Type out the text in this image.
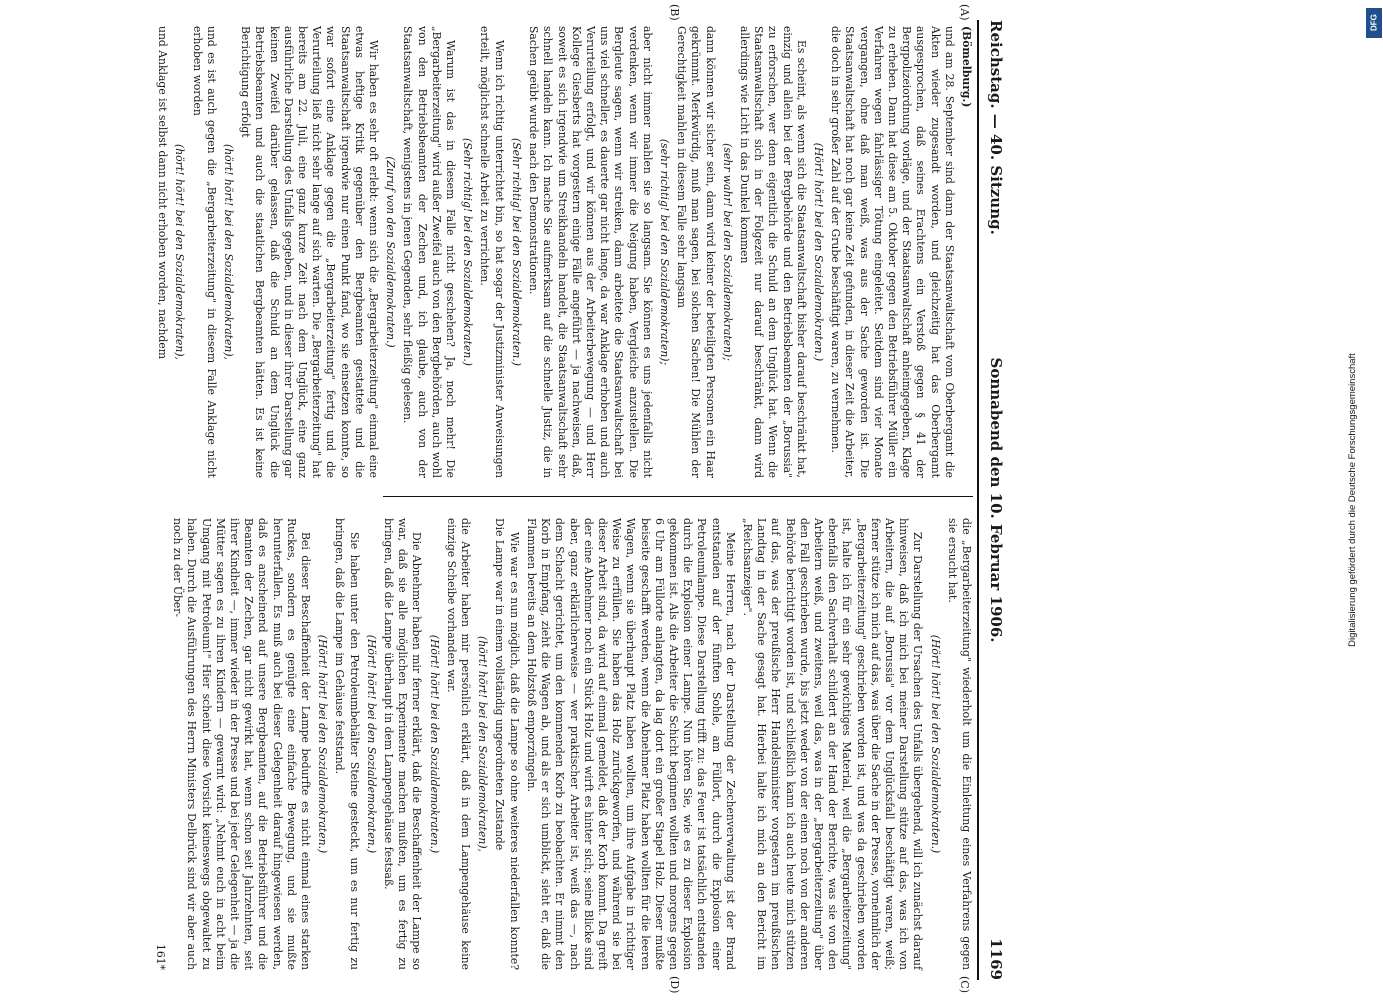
Reichstag. — 40. Sitzung.
Sonnabend den 10. Februar 1906.
1169
(A)
(B)
(C)
(D)

(Bömelburg.)

und am 28. September sind dann der Staatsanwaltschaft vom Oberbergamt die Akten wieder zugesandt worden, und gleichzeitig hat das Oberbergamt ausgesprochen, daß seines Erachtens ein Verstoß gegen § 41 der Bergpolizeiordnung vorläge, und der Staatsanwaltschaft anheimgegeben, Klage zu erheben. Dann hat diese am 5. Oktober gegen den Betriebsführer Müller ein Verfahren wegen fahrlässiger Tötung eingeleitet. Seitdem sind vier Monate vergangen, ohne daß man weiß, was aus der Sache geworden ist. Die Staatsanwaltschaft hat noch gar keine Zeit gefunden, in dieser Zeit die Arbeiter, die doch in sehr großer Zahl auf der Grube beschäftigt waren, zu vernehmen.

(Hört! hört! bei den Sozialdemokraten.)

Es scheint, als wenn sich die Staatsanwaltschaft bisher darauf beschränkt hat, einzig und allein bei der Bergbehörde und den Betriebsbeamten der „Borussia" zu erforschen, wer denn eigentlich die Schuld an dem Unglück hat. Wenn die Staatsanwaltschaft sich in der Folgezeit nur darauf beschränkt, dann wird allerdings wie Licht in das Dunkel kommen

(sehr wahr! bei den Sozialdemokraten);

dann können wir sicher sein, dann wird keiner der beteiligten Personen ein Haar gekrümmt. Merkwürdig, muß man sagen, bei solchen Sachen! Die Mühlen der Gerechtigkeit mahlen in diesem Falle sehr langsam

(sehr richtig! bei den Sozialdemokraten);

aber nicht immer mahlen sie so langsam. Sie können es uns jedenfalls nicht verdenken, wenn wir immer die Neigung haben, Vergleiche anzustellen. Die Bergleute sagen, wenn wir streiken, dann arbeitete die Staatsanwaltschaft bei uns viel schneller, es dauerte gar nicht lange, da war Anklage erhoben und auch Verurteilung erfolgt, und wir können aus der Arbeiterbewegung — und Herr Kollege Giesberts hat vorgestern einige Fälle angeführt — ja nachweisen, daß, soweit es sich irgendwie um Streikhandeln handelt, die Staatsanwaltschaft sehr schnell handeln kann. Ich mache Sie aufmerksam auf die schnelle Justiz, die in Sachen geübt wurde nach den Demonstrationen.

(Sehr richtig! bei den Sozialdemokraten.)

Wenn ich richtig unterrichtet bin, so hat sogar der Justizminister Anweisungen erteilt, möglichst schnelle Arbeit zu verrichten.

(Sehr richtig! bei den Sozialdemokraten.)

Warum ist das in diesem Falle nicht geschehen? Ja, noch mehr! Die „Bergarbeiterzeitung" wird außer Zweifel auch von den Bergbehörden, auch wohl von den Betriebsbeamten der Zechen und, ich glaube, auch von der Staatsanwaltschaft, wenigstens in jenen Gegenden, sehr fleißig gelesen.

(Zuruf von den Sozialdemokraten.)

Wir haben es sehr oft erlebt: wenn sich die „Bergarbeiterzeitung" einmal eine etwas heftige Kritik gegenüber den Bergbeamten gestattete und die Staatsanwaltschaft irgendwie nur einen Punkt fand, wo sie einsetzen konnte, so war sofort eine Anklage gegen die „Bergarbeiterzeitung" fertig und die Verurteilung ließ nicht sehr lange auf sich warten. Die „Bergarbeiterzeitung" hat bereits am 22. Juli, eine ganz kurze Zeit nach dem Unglück, eine ganz ausführliche Darstellung des Unfalls gegeben, und in dieser ihrer Darstellung gar keinen Zweifel darüber gelassen, daß die Schuld an dem Unglück die Betriebsbeamten und auch die staatlichen Bergbeamten hätten. Es ist keine Berichtigung erfolgt

(hört! hört! bei den Sozialdemokraten),

und es ist auch gegen die „Bergarbeiterzeitung" in diesem Falle Anklage nicht erhoben worden

(hört! hört! bei den Sozialdemokraten),

und Anklage ist selbst dann nicht erhoben worden, nachdem

die „Bergarbeiterzeitung" wiederholt um die Einleitung eines Verfahrens gegen sie ersucht hat.

(Hört! hört! bei den Sozialdemokraten.)

Zur Darstellung der Ursachen des Unfalls übergehend, will ich zunächst darauf hinweisen, daß ich mich bei meiner Darstellung stütze auf das, was ich von Arbeitern, die auf „Borussia" vor dem Unglücksfall beschäftigt waren, weiß; ferner stütze ich mich auf das, was über die Sache in der Presse, vornehmlich der „Bergarbeiterzeitung" geschrieben worden ist, und was da geschrieben worden ist, halte ich für ein sehr gewichtiges Material, weil die „Bergarbeiterzeitung" ebenfalls den Sachverhalt schildert an der Hand der Berichte, was sie von den Arbeitern weiß, und zweitens, weil das, was in der „Bergarbeiterzeitung" über den Fall geschrieben wurde, bis jetzt weder von der einen noch von der anderen Behörde berichtigt worden ist, und schließlich kann ich auch heute mich stützen auf das, was der preußische Herr Handelsminister vorgestern im preußischen Landtag in der Sache gesagt hat. Hierbei halte ich mich an den Bericht im „Reichsanzeiger".

Meine Herren, nach der Darstellung der Zechenverwaltung ist der Brand entstanden auf der fünften Sohle, am Füllort, durch die Explosion einer Petroleumlampe. Diese Darstellung trifft zu: das Feuer ist tatsächlich entstanden durch die Explosion einer Lampe. Nun hören Sie, wie es zu dieser Explosion gekommen ist. Als die Arbeiter die Schicht beginnen wollten und morgens gegen 6 Uhr am Füllorte anlangten, da lag dort ein großer Stapel Holz. Dieser mußte beiseite geschafft werden, wenn die Abnehmer Platz haben wollten für die leeren Wagen, wenn sie überhaupt Platz haben wollten, um ihre Aufgabe in richtiger Weise zu erfüllen. Sie haben das Holz zurückgeworfen, und während sie bei dieser Arbeit sind, da wird auf einmal gemeldet, daß der Korb kommt. Da greift der eine Abnehmer noch ein Stück Holz und wirft es hinter sich; seine Blicke sind aber, ganz erklärlicherweise — wer praktischer Arbeiter ist, weiß das —, nach dem Schacht gerichtet, um den kommenden Korb zu beobachten. Er nimmt den Korb in Empfang, zieht die Wagen ab, und als er sich umblickt, sieht er, daß die Flammen bereits an dem Holzstoß emporzüngeln.

Wie war es nun möglich, daß die Lampe so ohne weiteres niederfallen konnte? Die Lampe war in einem vollständig ungeordneten Zustande

(hört! hört! bei den Sozialdemokraten),

die Arbeiter haben mir persönlich erklärt, daß in dem Lampengehäuse keine einzige Scheibe vorhanden war.

(Hört! hört! bei den Sozialdemokraten.)

Die Abnehmer haben mir ferner erklärt, daß die Beschaffenheit der Lampe so war, daß sie alle möglichen Experimente machen mußten, um es fertig zu bringen, daß die Lampe überhaupt in dem Lampengehäuse festsaß.

(Hört! hört! bei den Sozialdemokraten.)

Sie haben unter den Petroleumbehälter Steine gesteckt, um es nur fertig zu bringen, daß die Lampe im Gehäuse feststand.

(Hört! hört! bei den Sozialdemokraten.)

Bei dieser Beschaffenheit der Lampe bedurfte es nicht einmal eines starken Ruckes, sondern es genügte eine einfache Bewegung, und sie mußte herunterfallen. Es muß auch bei dieser Gelegenheit darauf hingewiesen werden, daß es anscheinend auf unsere Bergbeamten, auf die Betriebsführer und die Beamten der Zechen, gar nicht gewirkt hat, wenn schon seit Jahrzehnten, seit ihrer Kindheit —, immer wieder in der Presse und bei jeder Gelegenheit — ja die Mütter sagen es zu ihren Kindern — gewarnt wird: „Nehmt euch in acht beim Umgang mit Petroleum!" Hier scheint diese Vorsicht keineswegs obgewaltet zu haben. Durch die Ausführungen des Herrn Ministers Delbrück sind wir aber auch noch zu der Über-

161*

Digitalisierung gefördert durch die Deutsche Forschungsgemeinschaft
DFG
